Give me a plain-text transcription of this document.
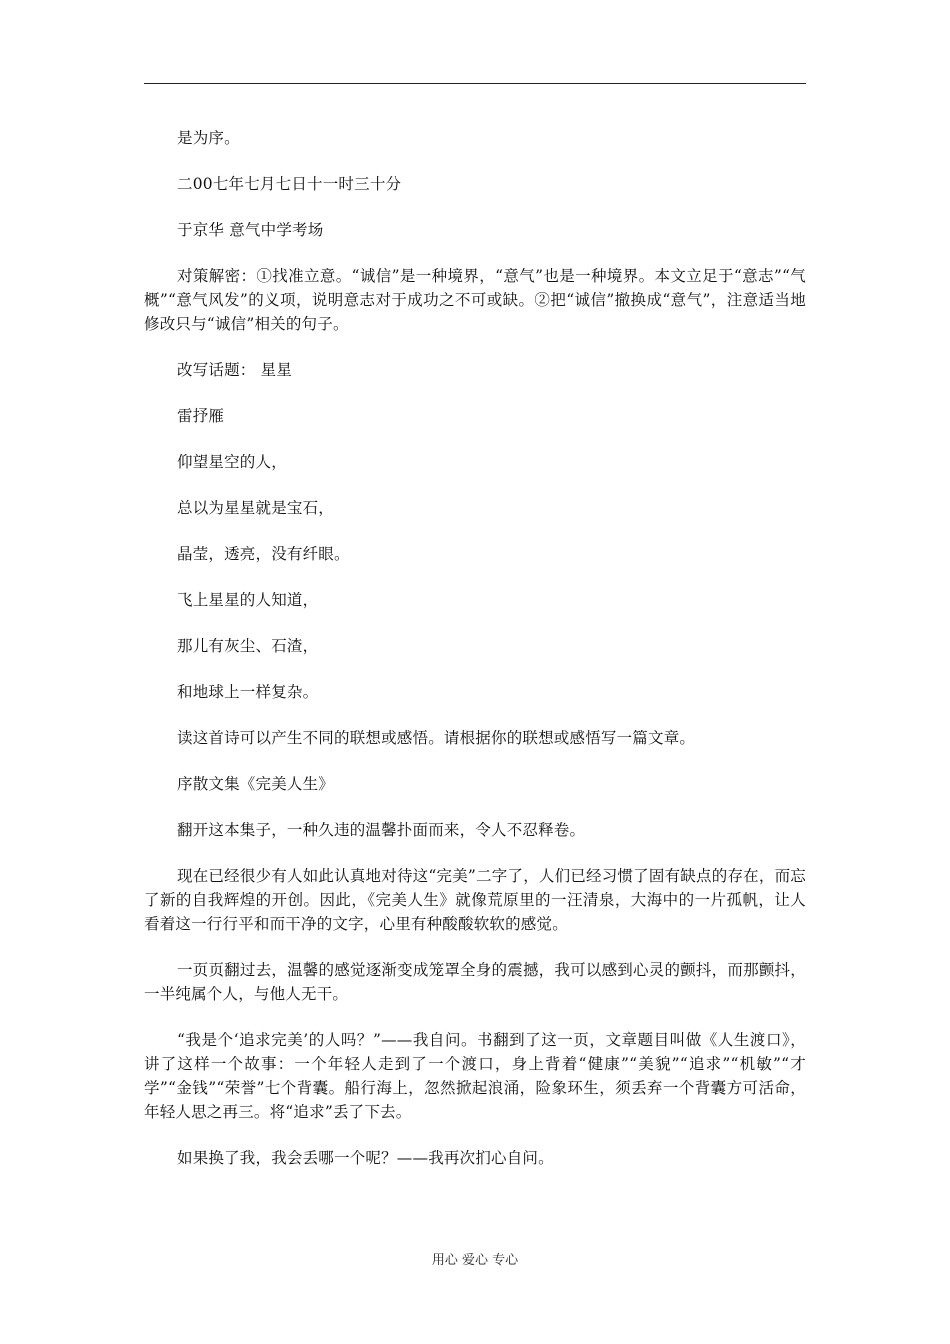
是为序。

二00七年七月七日十一时三十分

于京华 意气中学考场

对策解密：①找准立意。“诚信”是一种境界，“意气”也是一种境界。本文立足于“意志”“气概”“意气风发”的义项，说明意志对于成功之不可或缺。②把“诚信”撤换成“意气”，注意适当地修改只与“诚信”相关的句子。

改写话题： 星星

雷抒雁

仰望星空的人，

总以为星星就是宝石，

晶莹，透亮，没有纤眼。

飞上星星的人知道，

那儿有灰尘、石渣，

和地球上一样复杂。

读这首诗可以产生不同的联想或感悟。请根据你的联想或感悟写一篇文章。

序散文集《完美人生》

翻开这本集子，一种久违的温馨扑面而来，令人不忍释卷。

现在已经很少有人如此认真地对待这“完美”二字了，人们已经习惯了固有缺点的存在，而忘了新的自我辉煌的开创。因此，《完美人生》就像荒原里的一汪清泉，大海中的一片孤帆，让人看着这一行行平和而干净的文字，心里有种酸酸软软的感觉。

一页页翻过去，温馨的感觉逐渐变成笼罩全身的震撼，我可以感到心灵的颤抖，而那颤抖，一半纯属个人，与他人无干。

“我是个‘追求完美’的人吗？”——我自问。书翻到了这一页，文章题目叫做《人生渡口》，讲了这样一个故事：一个年轻人走到了一个渡口，身上背着“健康”“美貌”“追求”“机敏”“才学”“金钱”“荣誉”七个背囊。船行海上，忽然掀起浪涌，险象环生，须丢弃一个背囊方可活命，年轻人思之再三。将“追求”丢了下去。

如果换了我，我会丢哪一个呢？——我再次扪心自问。

用心 爱心 专心
